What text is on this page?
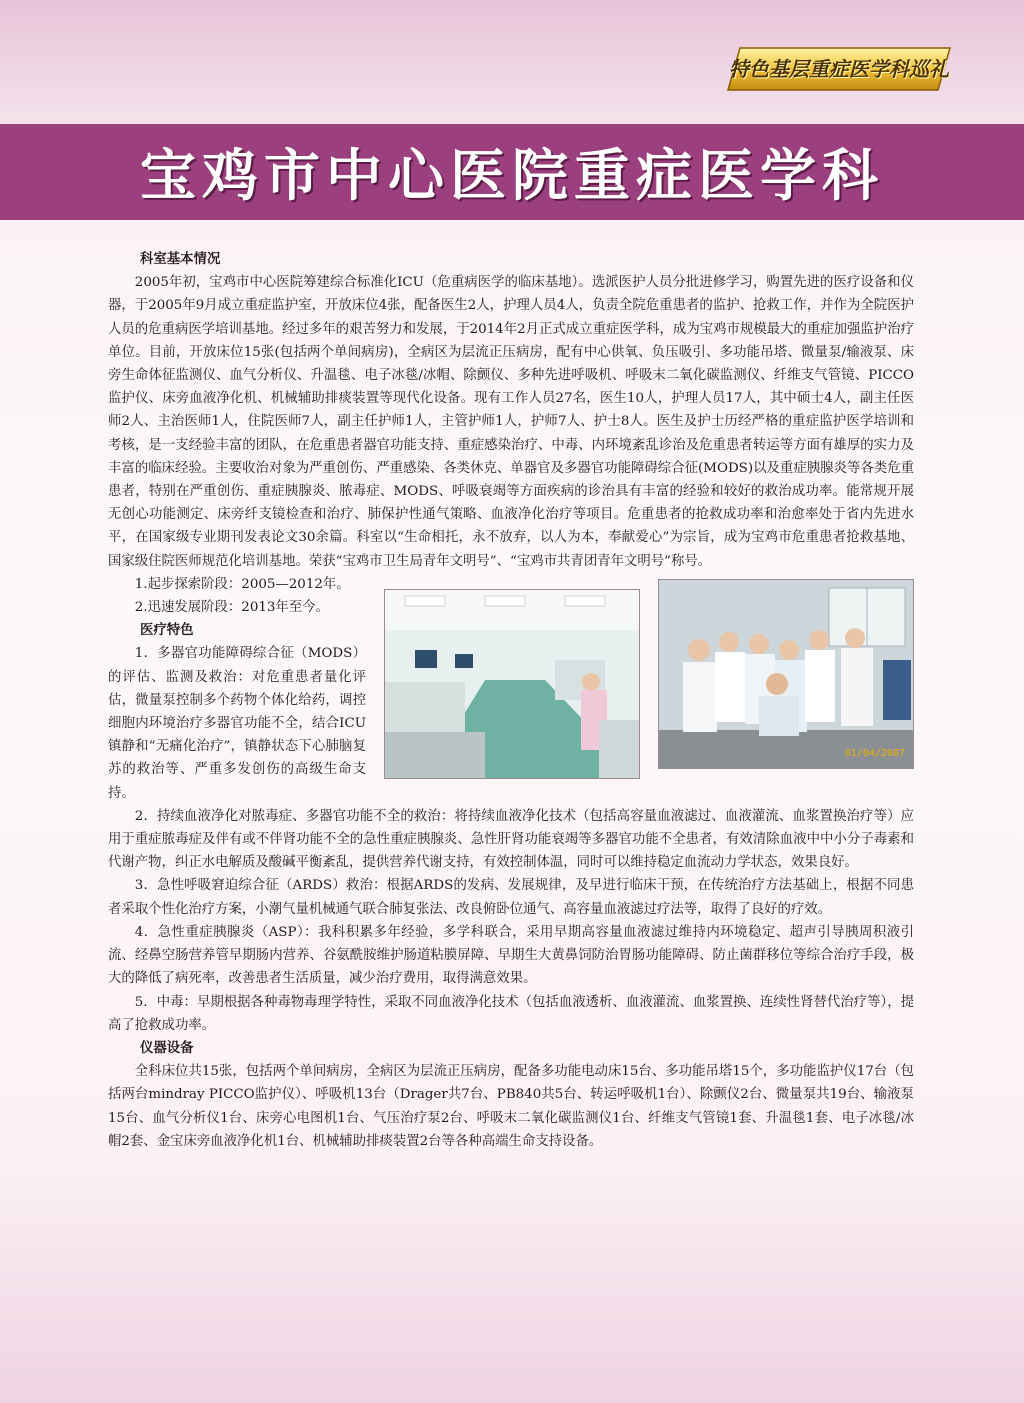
特色基层重症医学科巡礼
宝鸡市中心医院重症医学科
科室基本情况

2005年初，宝鸡市中心医院筹建综合标准化ICU（危重病医学的临床基地）。选派医护人员分批进修学习，购置先进的医疗设备和仪器，于2005年9月成立重症监护室，开放床位4张，配备医生2人，护理人员4人，负责全院危重患者的监护、抢救工作，并作为全院医护人员的危重病医学培训基地。经过多年的艰苦努力和发展，于2014年2月正式成立重症医学科，成为宝鸡市规模最大的重症加强监护治疗单位。目前，开放床位15张(包括两个单间病房)，全病区为层流正压病房，配有中心供氧、负压吸引、多功能吊塔、微量泵/输液泵、床旁生命体征监测仪、血气分析仪、升温毯、电子冰毯/冰帽、除颤仪、多种先进呼吸机、呼吸末二氧化碳监测仪、纤维支气管镜、PICCO监护仪、床旁血液净化机、机械辅助排痰装置等现代化设备。现有工作人员27名，医生10人，护理人员17人，其中硕士4人，副主任医师2人、主治医师1人，住院医师7人，副主任护师1人，主管护师1人，护师7人、护士8人。医生及护士历经严格的重症监护医学培训和考核，是一支经验丰富的团队，在危重患者器官功能支持、重症感染治疗、中毒、内环境紊乱诊治及危重患者转运等方面有雄厚的实力及丰富的临床经验。主要收治对象为严重创伤、严重感染、各类休克、单器官及多器官功能障碍综合征(MODS)以及重症胰腺炎等各类危重患者，特别在严重创伤、重症胰腺炎、脓毒症、MODS、呼吸衰竭等方面疾病的诊治具有丰富的经验和较好的救治成功率。能常规开展无创心功能测定、床旁纤支镜检查和治疗、肺保护性通气策略、血液净化治疗等项目。危重患者的抢救成功率和治愈率处于省内先进水平，在国家级专业期刊发表论文30余篇。科室以“生命相托，永不放弃，以人为本，奉献爱心”为宗旨，成为宝鸡市危重患者抢救基地、国家级住院医师规范化培训基地。荣获“宝鸡市卫生局青年文明号”、“宝鸡市共青团青年文明号”称号。

01/04/2007

1.起步探索阶段：2005—2012年。

2.迅速发展阶段：2013年至今。

医疗特色

1．多器官功能障碍综合征（MODS）的评估、监测及救治：对危重患者量化评估，微量泵控制多个药物个体化给药，调控细胞内环境治疗多器官功能不全，结合ICU镇静和“无痛化治疗”，镇静状态下心肺脑复苏的救治等、严重多发创伤的高级生命支持。

2．持续血液净化对脓毒症、多器官功能不全的救治：将持续血液净化技术（包括高容量血液滤过、血液灌流、血浆置换治疗等）应用于重症脓毒症及伴有或不伴肾功能不全的急性重症胰腺炎、急性肝肾功能衰竭等多器官功能不全患者，有效清除血液中中小分子毒素和代谢产物，纠正水电解质及酸碱平衡紊乱，提供营养代谢支持，有效控制体温，同时可以维持稳定血流动力学状态，效果良好。

3．急性呼吸窘迫综合征（ARDS）救治：根据ARDS的发病、发展规律，及早进行临床干预，在传统治疗方法基础上，根据不同患者采取个性化治疗方案，小潮气量机械通气联合肺复张法、改良俯卧位通气、高容量血液滤过疗法等，取得了良好的疗效。

4．急性重症胰腺炎（ASP）：我科积累多年经验，多学科联合，采用早期高容量血液滤过维持内环境稳定、超声引导胰周积液引流、经鼻空肠营养管早期肠内营养、谷氨酰胺维护肠道粘膜屏障、早期生大黄鼻饲防治胃肠功能障碍、防止菌群移位等综合治疗手段，极大的降低了病死率，改善患者生活质量，减少治疗费用，取得满意效果。

5．中毒：早期根据各种毒物毒理学特性，采取不同血液净化技术（包括血液透析、血液灌流、血浆置换、连续性肾替代治疗等），提高了抢救成功率。

仪器设备

全科床位共15张，包括两个单间病房，全病区为层流正压病房，配备多功能电动床15台、多功能吊塔15个，多功能监护仪17台（包括两台mindray PICCO监护仪）、呼吸机13台（Drager共7台、PB840共5台、转运呼吸机1台）、除颤仪2台、微量泵共19台、输液泵15台、血气分析仪1台、床旁心电图机1台、气压治疗泵2台、呼吸末二氧化碳监测仪1台、纤维支气管镜1套、升温毯1套、电子冰毯/冰帽2套、金宝床旁血液净化机1台、机械辅助排痰装置2台等各种高端生命支持设备。
